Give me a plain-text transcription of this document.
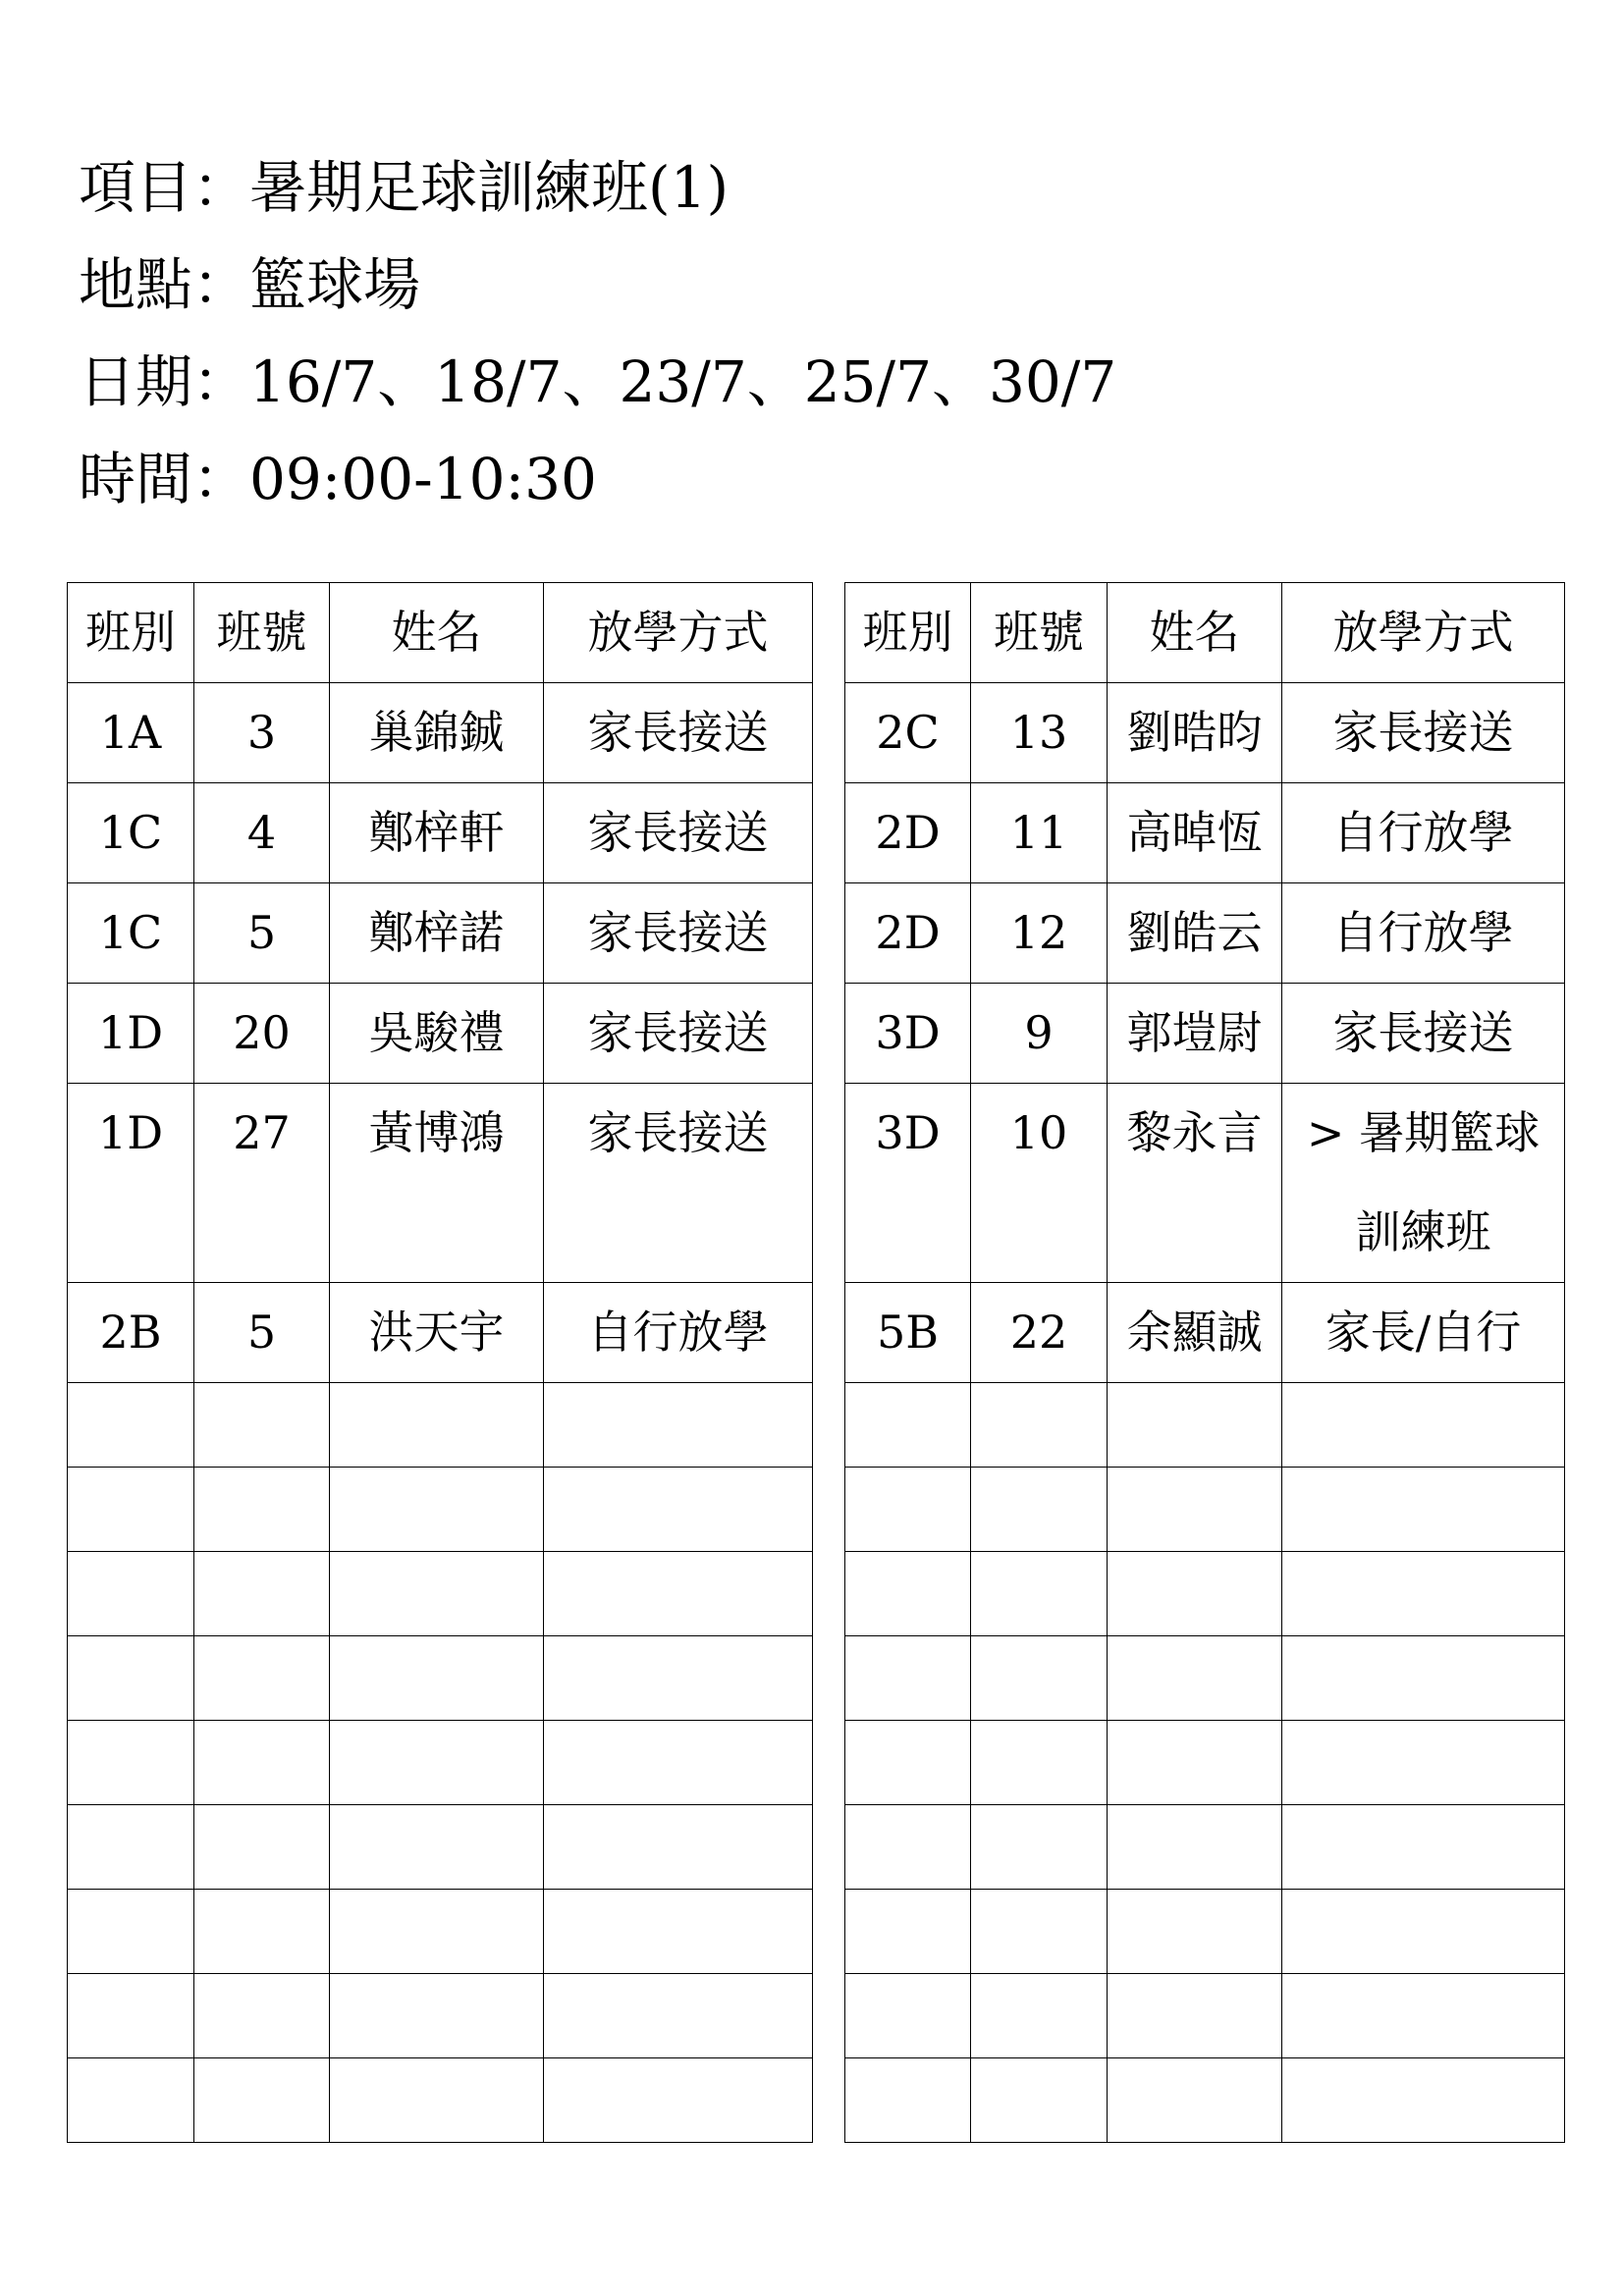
項目：暑期足球訓練班(1)
地點：籃球場
日期：16/7、18/7、23/7、25/7、30/7
時間：09:00-10:30
班別	班號	姓名	放學方式
1A	3	巢錦鋮	家長接送
1C	4	鄭梓軒	家長接送
1C	5	鄭梓諾	家長接送
1D	20	吳駿禮	家長接送
1D	27	黃博鴻	家長接送
2B	5	洪天宇	自行放學

班別	班號	姓名	放學方式
2C	13	劉晧昀	家長接送
2D	11	高晫恆	自行放學
2D	12	劉皓云	自行放學
3D	9	郭塏尉	家長接送
3D	10	黎永言	> 暑期籃球
訓練班

5B	22	余顯誠	家長/自行
